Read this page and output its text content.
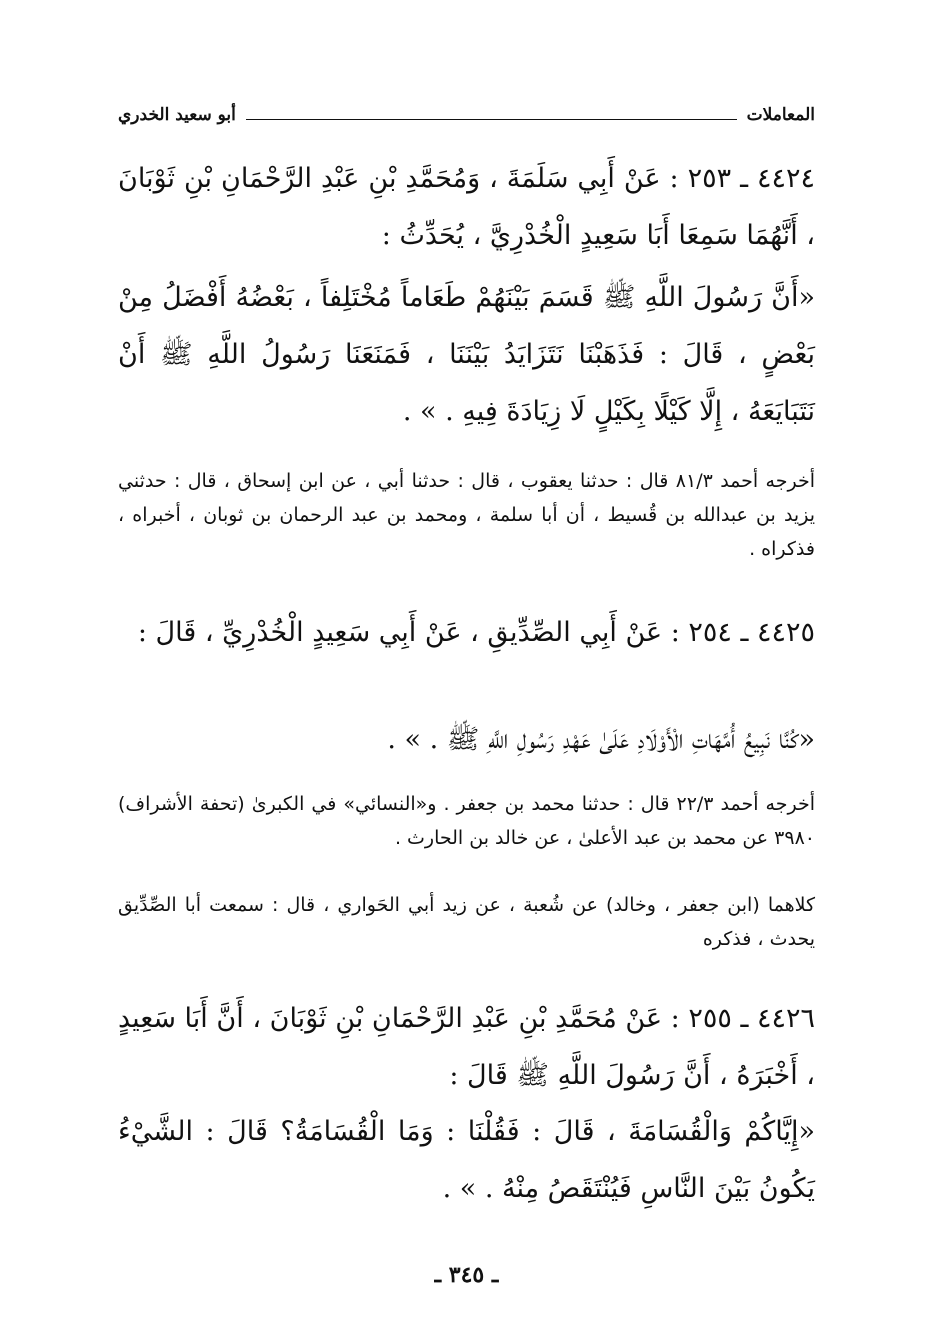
المعاملات
أبو سعيد الخدري

٤٤٢٤ ـ ٢٥٣ : عَنْ أَبِي سَلَمَةَ ، وَمُحَمَّدِ بْنِ عَبْدِ الرَّحْمَانِ بْنِ ثَوْبَانَ ، أَنَّهُمَا سَمِعَا أَبَا سَعِيدٍ الْخُدْرِيَّ ، يُحَدِّثُ :

«أَنَّ رَسُولَ اللَّهِ ﷺ قَسَمَ بَيْنَهُمْ طَعَاماً مُخْتَلِفاً ، بَعْضُهُ أَفْضَلُ مِنْ بَعْضٍ ، قَالَ : فَذَهَبْنَا نَتَزَايَدُ بَيْنَنَا ، فَمَنَعَنَا رَسُولُ اللَّهِ ﷺ أَنْ نَتَبَايَعَهُ ، إِلَّا كَيْلًا بِكَيْلٍ لَا زِيَادَةَ فِيهِ . » .

أخرجه أحمد ٨١/٣ قال : حدثنا يعقوب ، قال : حدثنا أبي ، عن ابن إسحاق ، قال : حدثني يزيد بن عبدالله بن قُسيط ، أن أبا سلمة ، ومحمد بن عبد الرحمان بن ثوبان ، أخبراه ، فذكراه .

٤٤٢٥ ـ ٢٥٤ : عَنْ أَبِي الصِّدِّيقِ ، عَنْ أَبِي سَعِيدٍ الْخُدْرِيِّ ، قَالَ :

«كُنَّا نَبِيعُ أُمَّهَاتِ الْأَوْلَادِ عَلَىٰ عَهْدِ رَسُولِ اللَّهِ ﷺ . » .

أخرجه أحمد ٢٢/٣ قال : حدثنا محمد بن جعفر . و«النسائي» في الكبرىٰ (تحفة الأشراف) ٣٩٨٠ عن محمد بن عبد الأعلىٰ ، عن خالد بن الحارث .

كلاهما (ابن جعفر ، وخالد) عن شُعبة ، عن زيد أبي الحَواري ، قال : سمعت أبا الصِّدِّيق يحدث ، فذكره

٤٤٢٦ ـ ٢٥٥ : عَنْ مُحَمَّدِ بْنِ عَبْدِ الرَّحْمَانِ بْنِ ثَوْبَانَ ، أَنَّ أَبَا سَعِيدٍ ، أَخْبَرَهُ ، أَنَّ رَسُولَ اللَّهِ ﷺ قَالَ :

«إِيَّاكُمْ وَالْقُسَامَةَ ، قَالَ : فَقُلْنَا : وَمَا الْقُسَامَةُ؟ قَالَ : الشَّيْءُ يَكُونُ بَيْنَ النَّاسِ فَيُنْتَقَصُ مِنْهُ . » .

ـ ٣٤٥ ـ
